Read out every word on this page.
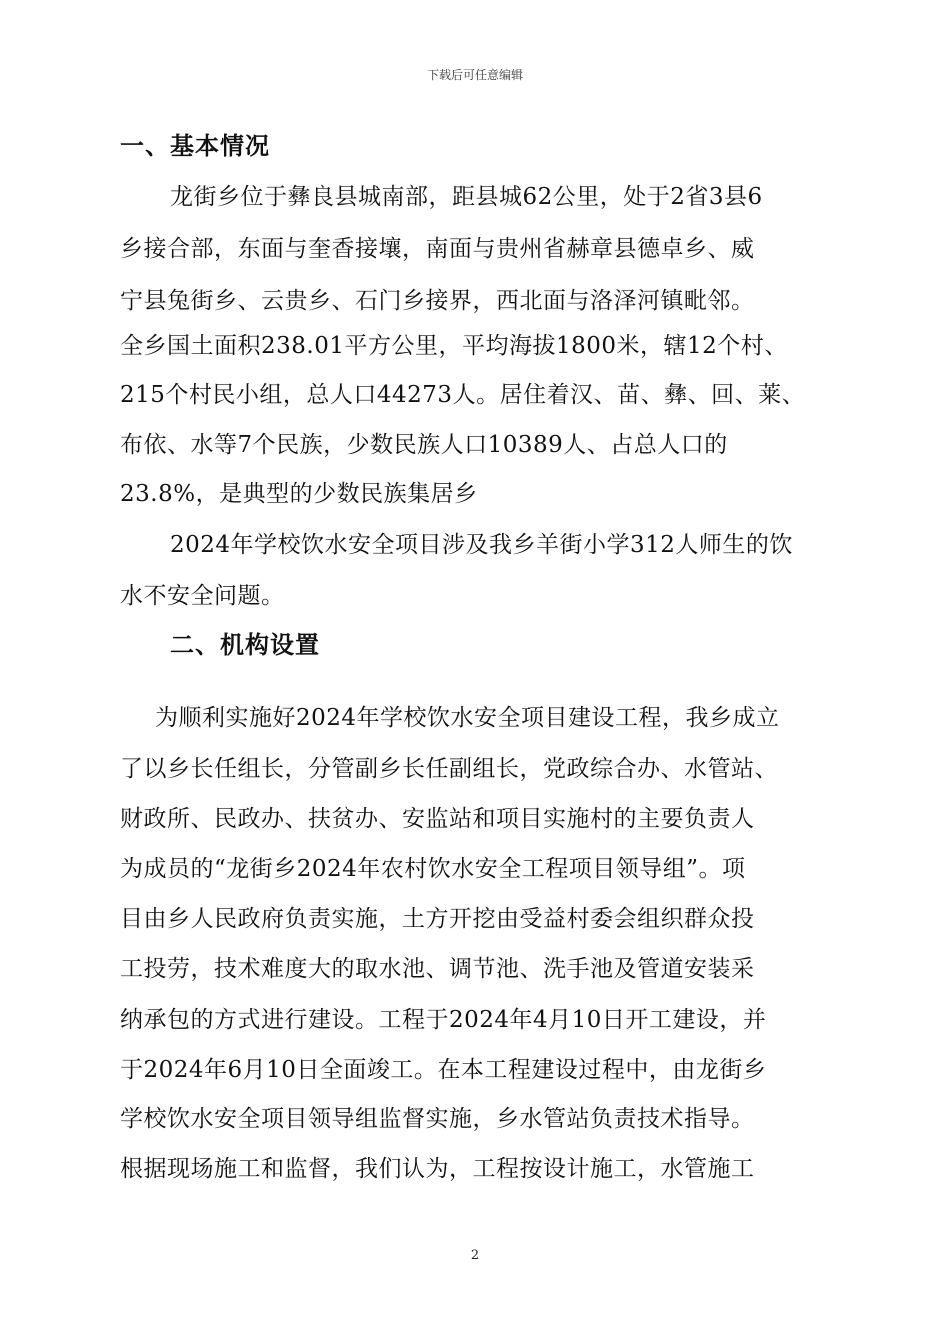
下载后可任意编辑
一、基本情况
龙街乡位于彝良县城南部，距县城62公里，处于2省3县6
乡接合部，东面与奎香接壤，南面与贵州省赫章县德卓乡、威
宁县兔街乡、云贵乡、石门乡接界，西北面与洛泽河镇毗邻。
全乡国土面积238.01平方公里，平均海拔1800米，辖12个村、
215个村民小组，总人口44273人。居住着汉、苗、彝、回、莱、
布依、水等7个民族，少数民族人口10389人、占总人口的
23.8%，是典型的少数民族集居乡
2024年学校饮水安全项目涉及我乡羊街小学312人师生的饮
水不安全问题。
二、机构设置
为顺利实施好2024年学校饮水安全项目建设工程，我乡成立
了以乡长任组长，分管副乡长任副组长，党政综合办、水管站、
财政所、民政办、扶贫办、安监站和项目实施村的主要负责人
为成员的“龙街乡2024年农村饮水安全工程项目领导组”。项
目由乡人民政府负责实施，土方开挖由受益村委会组织群众投
工投劳，技术难度大的取水池、调节池、洗手池及管道安装采
纳承包的方式进行建设。工程于2024年4月10日开工建设，并
于2024年6月10日全面竣工。在本工程建设过程中，由龙街乡
学校饮水安全项目领导组监督实施，乡水管站负责技术指导。
根据现场施工和监督，我们认为，工程按设计施工，水管施工
2
